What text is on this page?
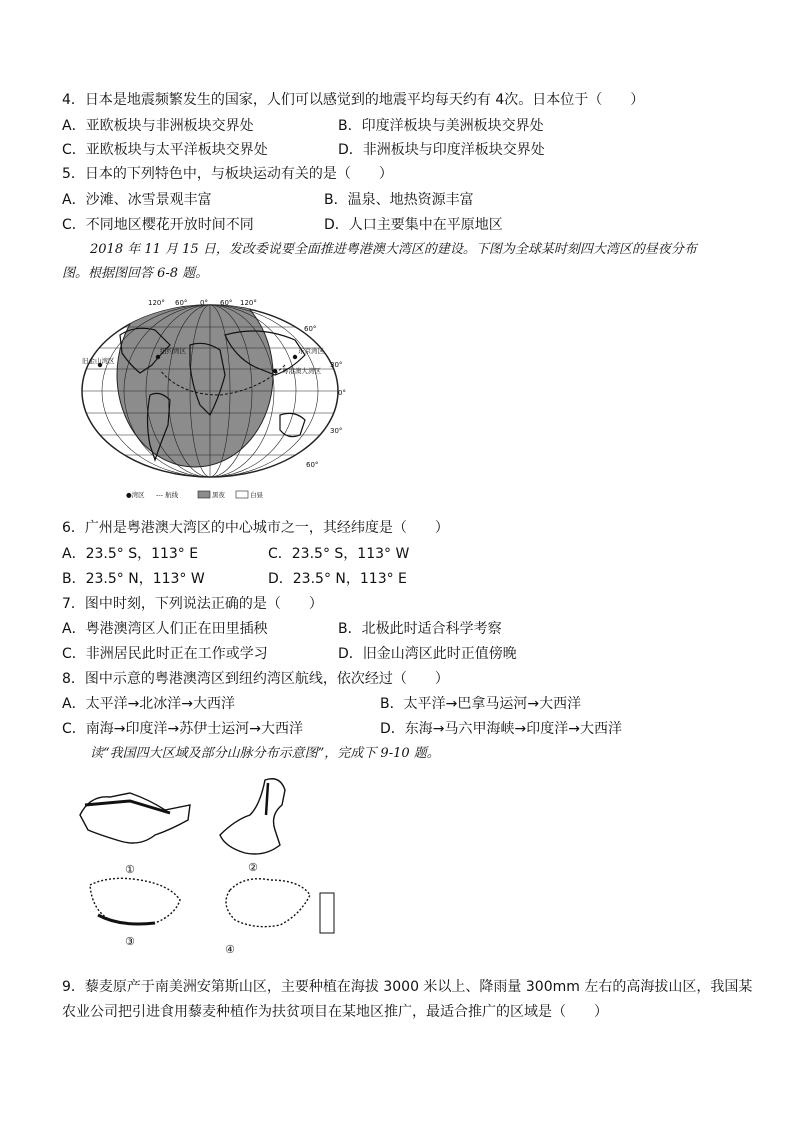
4．日本是地震频繁发生的国家，人们可以感觉到的地震平均每天约有 4次。日本位于（　　）
A．亚欧板块与非洲板块交界处	B．印度洋板块与美洲板块交界处
C．亚欧板块与太平洋板块交界处	D．非洲板块与印度洋板块交界处
5．日本的下列特色中，与板块运动有关的是（　　）
A．沙滩、冰雪景观丰富	B．温泉、地热资源丰富
C．不同地区樱花开放时间不同	D．人口主要集中在平原地区
2018 年 11 月 15 日，发改委说要全面推进粤港澳大湾区的建设。下图为全球某时刻四大湾区的昼夜分布
图。根据图回答 6-8 题。
120° 60° 0° 60° 120°
60°
30°
0°
30°
60°
纽约湾区
旧金山湾区
东京湾区
粤港澳大湾区
●湾区 --- 航线	黑夜	白昼
6．广州是粤港澳大湾区的中心城市之一，其经纬度是（　　）
A．23.5° S，113° E	C．23.5° S，113° W
B．23.5° N，113° W	D．23.5° N，113° E
7．图中时刻，下列说法正确的是（　　）
A．粤港澳湾区人们正在田里插秧	B．北极此时适合科学考察
C．非洲居民此时正在工作或学习	D．旧金山湾区此时正值傍晚
8．图中示意的粤港澳湾区到纽约湾区航线，依次经过（　　）
A．太平洋→北冰洋→大西洋	B．太平洋→巴拿马运河→大西洋
C．南海→印度洋→苏伊士运河→大西洋	D．东海→马六甲海峡→印度洋→大西洋
读“我国四大区域及部分山脉分布示意图”，完成下 9-10 题。
①	②
③
④
9．藜麦原产于南美洲安第斯山区，主要种植在海拔 3000 米以上、降雨量 300mm 左右的高海拔山区，我国某
农业公司把引进食用藜麦种植作为扶贫项目在某地区推广，最适合推广的区域是（　　）
